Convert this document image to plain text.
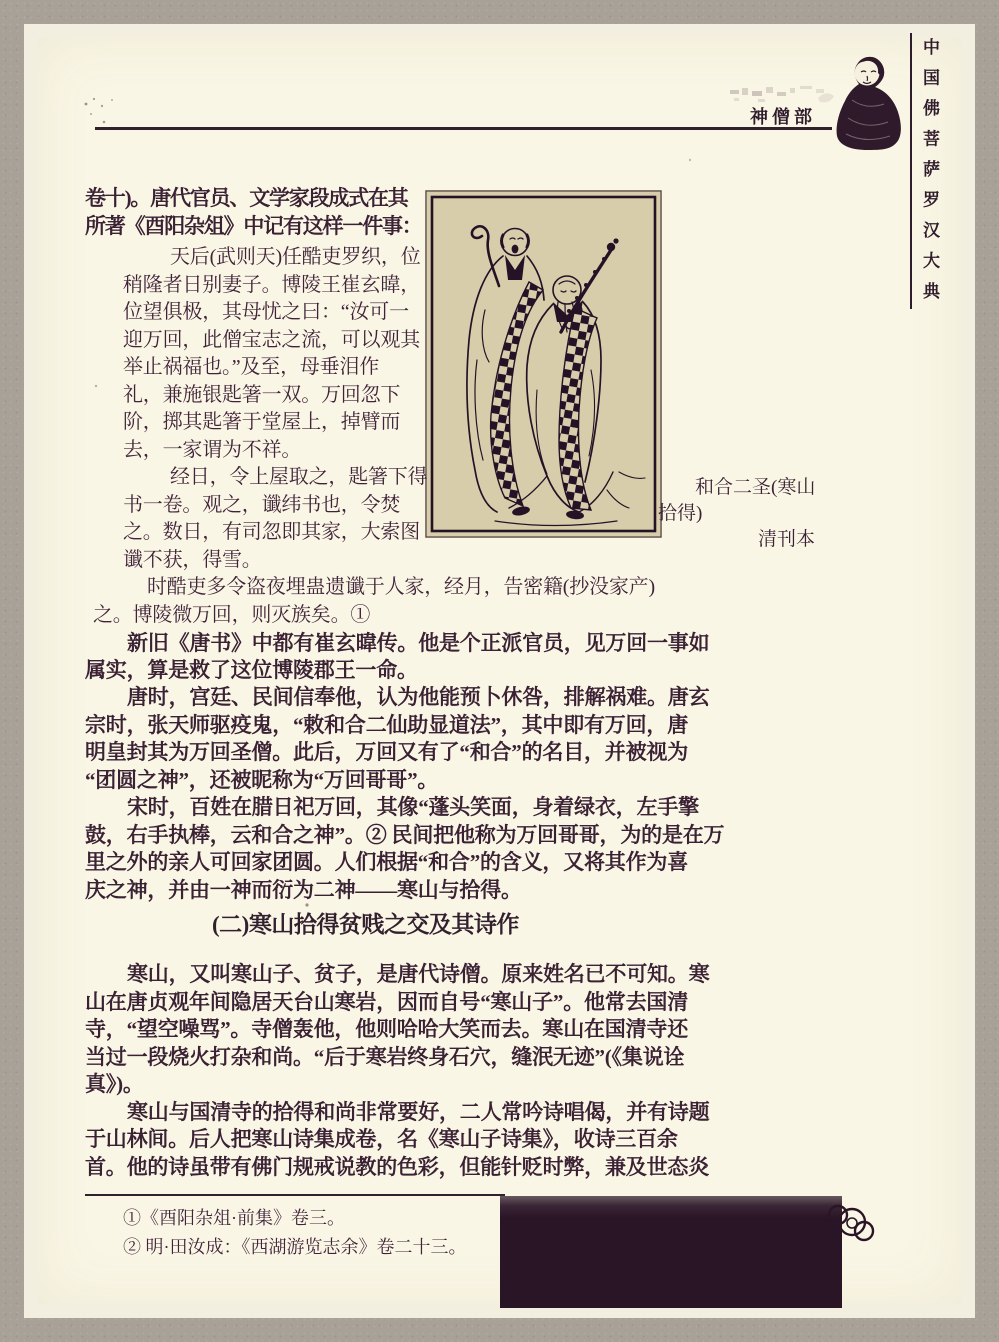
神僧部	中国佛菩萨罗汉大典
卷十)。唐代官员、文学家段成式在其
所著《酉阳杂俎》中记有这样一件事：
天后(武则天)任酷吏罗织，位
稍隆者日别妻子。博陵王崔玄暐，
位望俱极，其母忧之曰：“汝可一
迎万回，此僧宝志之流，可以观其
举止祸福也。”及至，母垂泪作
礼，兼施银匙箸一双。万回忽下
阶，掷其匙箸于堂屋上，掉臂而
去，一家谓为不祥。
经日，令上屋取之，匙箸下得
书一卷。观之，谶纬书也，令焚
之。数日，有司忽即其家，大索图
谶不获，得雪。
时酷吏多令盗夜埋蛊遗谶于人家，经月，告密籍(抄没家产)
之。博陵微万回，则灭族矣。①
新旧《唐书》中都有崔玄暐传。他是个正派官员，见万回一事如
属实，算是救了这位博陵郡王一命。
唐时，宫廷、民间信奉他，认为他能预卜休咎，排解祸难。唐玄
宗时，张天师驱疫鬼，“敕和合二仙助显道法”，其中即有万回，唐
明皇封其为万回圣僧。此后，万回又有了“和合”的名目，并被视为
“团圆之神”，还被昵称为“万回哥哥”。
宋时，百姓在腊日祀万回，其像“蓬头笑面，身着绿衣，左手擎
鼓，右手执棒，云和合之神”。② 民间把他称为万回哥哥，为的是在万
里之外的亲人可回家团圆。人们根据“和合”的含义，又将其作为喜
庆之神，并由一神而衍为二神——寒山与拾得。
(二)寒山拾得贫贱之交及其诗作
寒山，又叫寒山子、贫子，是唐代诗僧。原来姓名已不可知。寒
山在唐贞观年间隐居天台山寒岩，因而自号“寒山子”。他常去国清
寺，“望空噪骂”。寺僧轰他，他则哈哈大笑而去。寒山在国清寺还
当过一段烧火打杂和尚。“后于寒岩终身石穴，缝泯无迹”(《集说诠
真》)。
寒山与国清寺的拾得和尚非常要好，二人常吟诗唱偈，并有诗题
于山林间。后人把寒山诗集成卷，名《寒山子诗集》，收诗三百余
首。他的诗虽带有佛门规戒说教的色彩，但能针贬时弊，兼及世态炎
①《酉阳杂俎·前集》卷三。
② 明·田汝成：《西湖游览志余》卷二十三。
和合二圣(寒山
拾得)
清刊本
